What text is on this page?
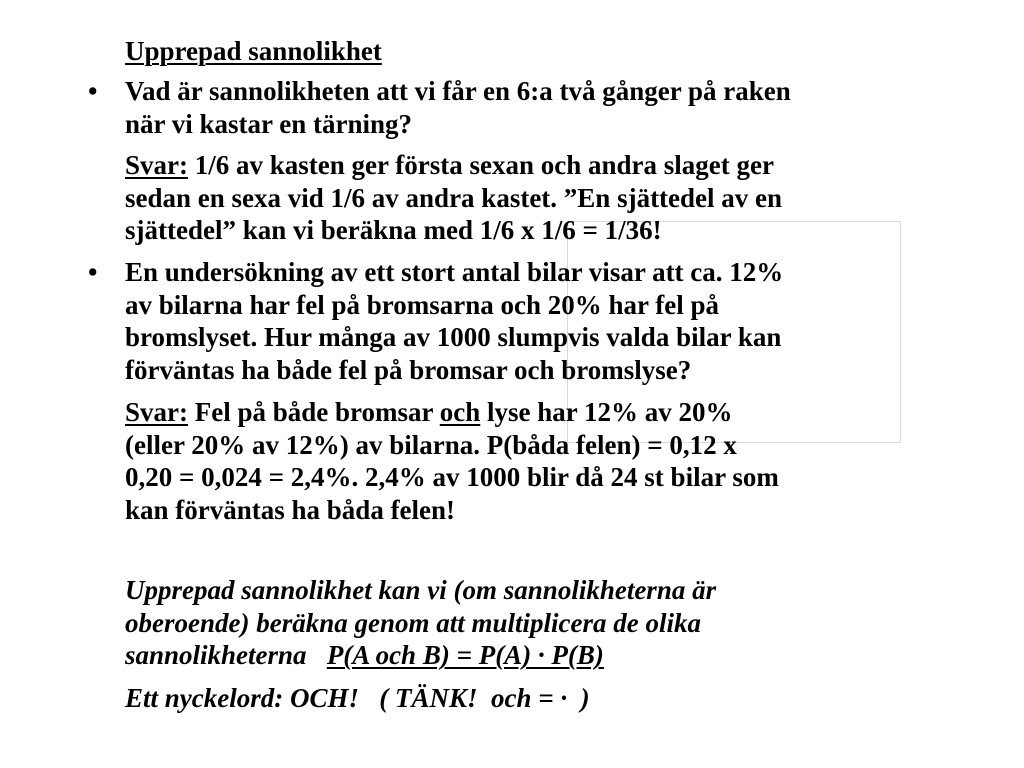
Upprepad sannolikhet

• Vad är sannolikheten att vi får en 6:a två gånger på raken
när vi kastar en tärning?

Svar: 1/6 av kasten ger första sexan och andra slaget ger
sedan en sexa vid 1/6 av andra kastet. ”En sjättedel av en
sjättedel” kan vi beräkna med 1/6 x 1/6 = 1/36!

• En undersökning av ett stort antal bilar visar att ca. 12%
av bilarna har fel på bromsarna och 20% har fel på
bromslyset. Hur många av 1000 slumpvis valda bilar kan
förväntas ha både fel på bromsar och bromslyse?

Svar: Fel på både bromsar och lyse har 12% av 20%
(eller 20% av 12%) av bilarna. P(båda felen) = 0,12 x
0,20 = 0,024 = 2,4%. 2,4% av 1000 blir då 24 st bilar som
kan förväntas ha båda felen!

Upprepad sannolikhet kan vi (om sannolikheterna är
oberoende) beräkna genom att multiplicera de olika
sannolikheterna   P(A och B) = P(A) · P(B)

Ett nyckelord: OCH!   ( TÄNK!  och = ·  )
